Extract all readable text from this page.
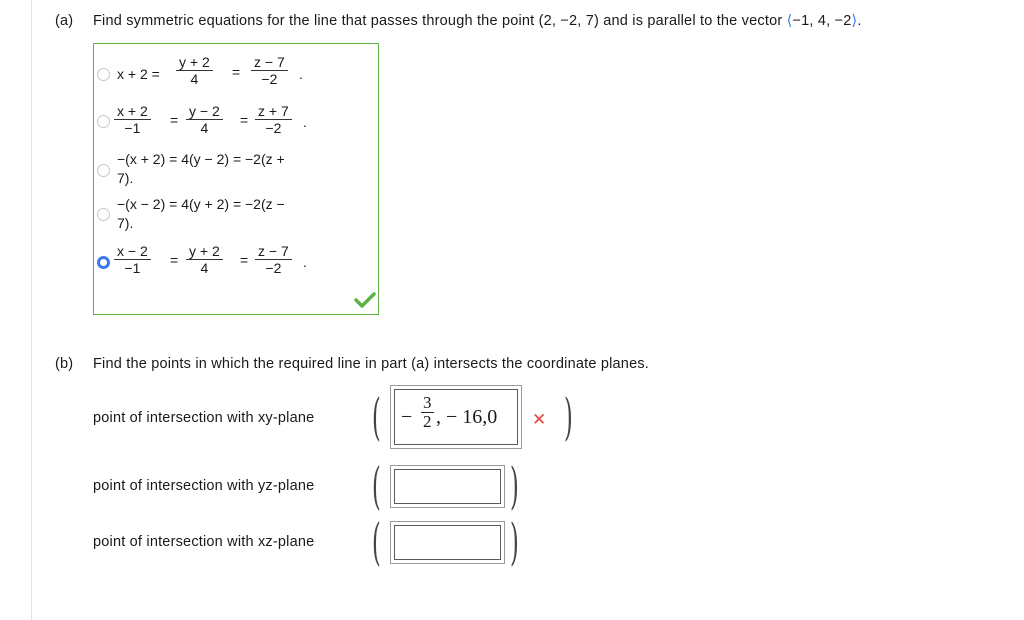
(a) Find symmetric equations for the line that passes through the point (2, −2, 7) and is parallel to the vector ⟨−1, 4, −2⟩.
$x + 2 = \frac{y + 2}{4} = \frac{z - 7}{-2}$ .
$\frac{x + 2}{-1} = \frac{y - 2}{4} = \frac{z + 7}{-2}$ .
−(x + 2) = 4(y − 2) = −2(z +
7).
−(x − 2) = 4(y + 2) = −2(z −
7).
$\frac{x - 2}{-1} = \frac{y + 2}{4} = \frac{z - 7}{-2}$ .
(b) Find the points in which the required line in part (a) intersects the coordinate planes.
point of intersection with xy-plane ( −
3
2 , − 16,0 ✕ )
point of intersection with yz-plane (	)
point of intersection with xz-plane (	)
